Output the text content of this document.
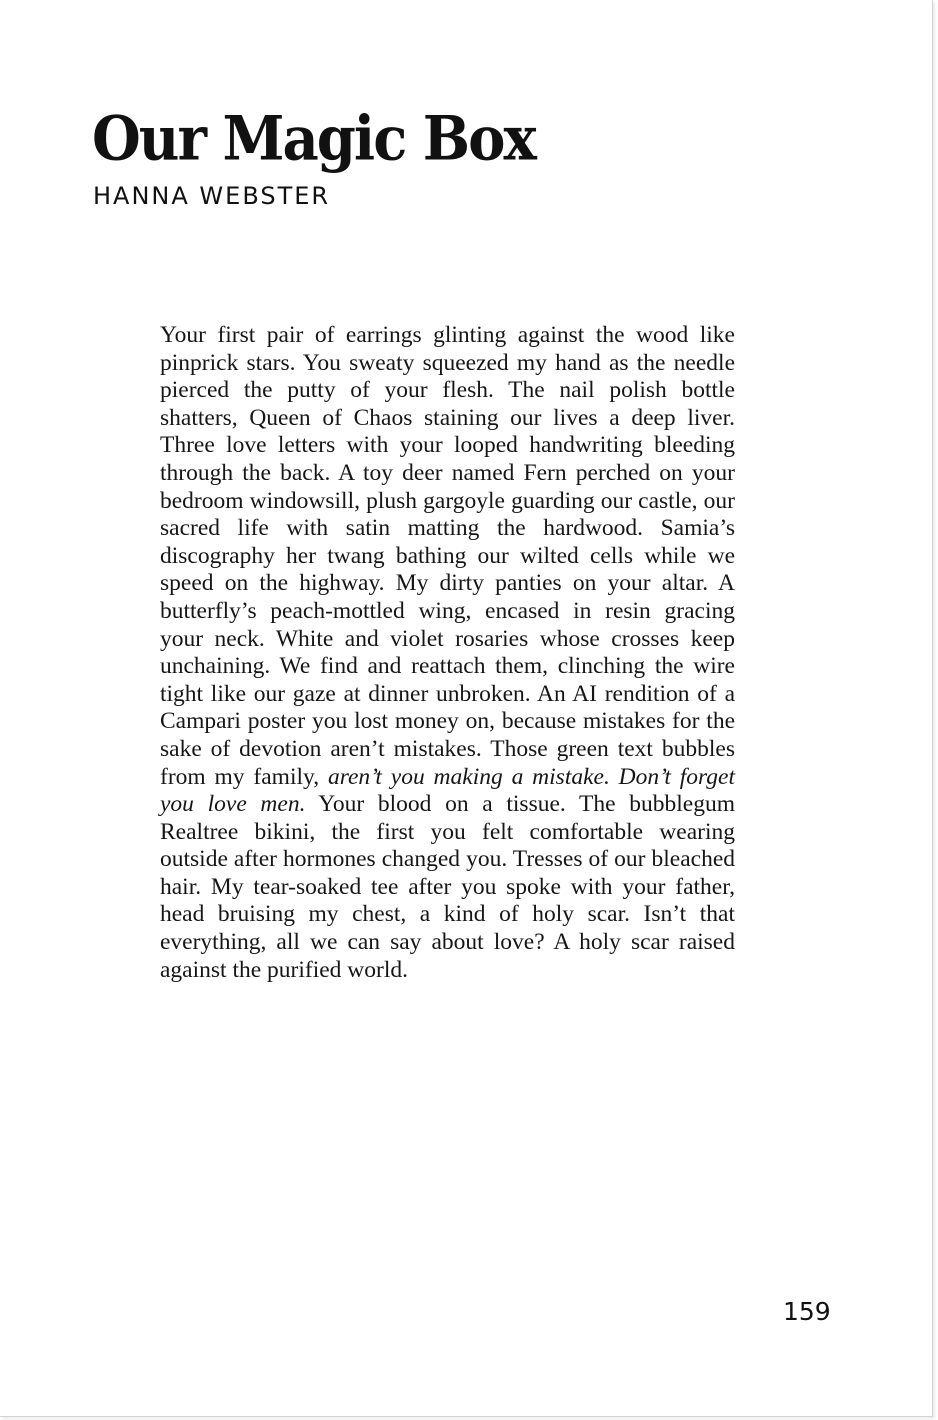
Our Magic Box
HANNA WEBSTER

Your first pair of earrings glinting against the wood like pinprick stars. You sweaty squeezed my hand as the needle pierced the putty of your flesh. The nail polish bottle shatters, Queen of Chaos staining our lives a deep liver. Three love letters with your looped handwriting bleeding through the back. A toy deer named Fern perched on your bedroom windowsill, plush gargoyle guarding our castle, our sacred life with satin matting the hardwood. Samia’s discography her twang bathing our wilted cells while we speed on the highway. My dirty panties on your altar. A butterfly’s peach-mottled wing, encased in resin gracing your neck. White and violet rosaries whose crosses keep unchaining. We find and reattach them, clinching the wire tight like our gaze at dinner unbroken. An AI rendition of a Campari poster you lost money on, because mistakes for the sake of devotion aren’t mistakes. Those green text bubbles from my family, aren’t you making a mistake. Don’t forget you love men. Your blood on a tissue. The bubblegum Realtree bikini, the first you felt comfortable wearing outside after hormones changed you. Tresses of our bleached hair. My tear-soaked tee after you spoke with your father, head bruising my chest, a kind of holy scar. Isn’t that everything, all we can say about love? A holy scar raised against the purified world.

159
